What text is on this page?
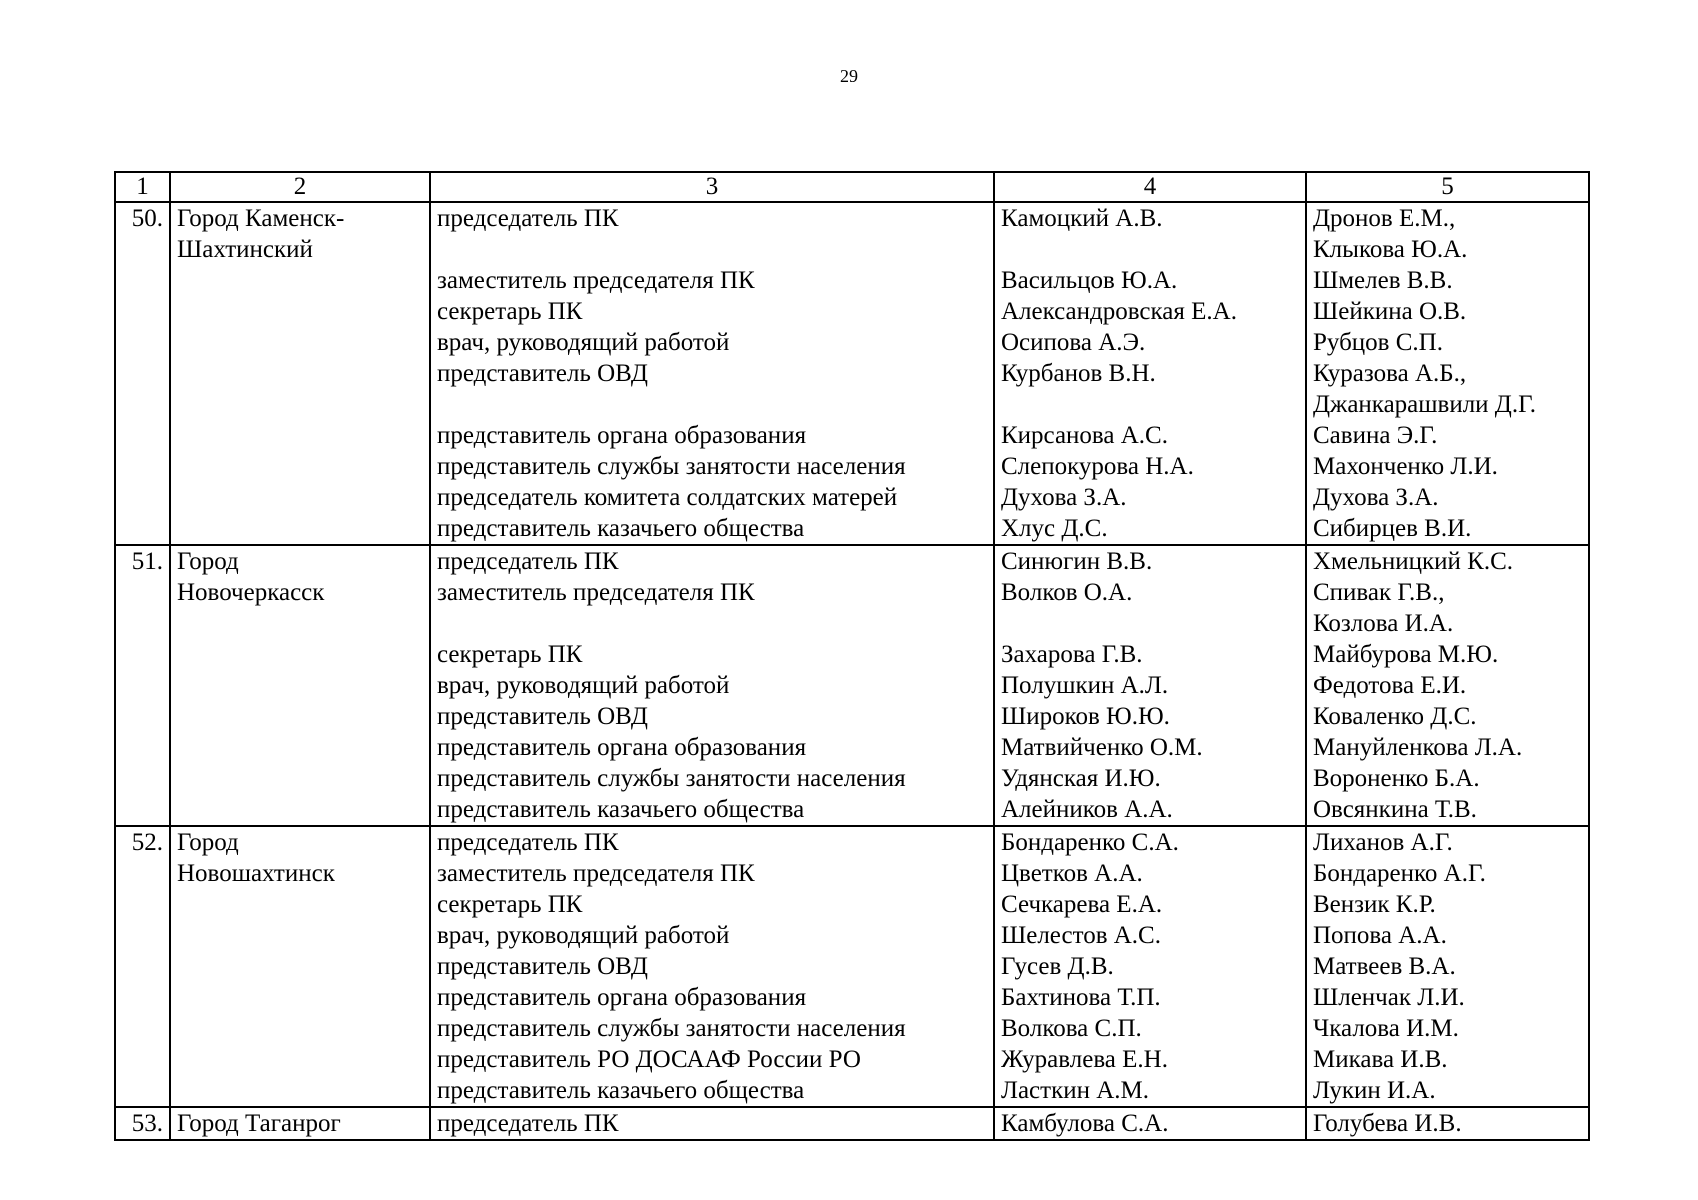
29
1	2	3	4	5
50.	Город Каменск-	председатель ПК	Камоцкий А.В.	Дронов Е.М.,
	Шахтинский			Клыкова Ю.А.
		заместитель председателя ПК	Васильцов Ю.А.	Шмелев В.В.
		секретарь ПК	Александровская Е.А.	Шейкина О.В.
		врач, руководящий работой	Осипова А.Э.	Рубцов С.П.
		представитель ОВД	Курбанов В.Н.	Куразова А.Б.,
				Джанкарашвили Д.Г.
		представитель органа образования	Кирсанова А.С.	Савина Э.Г.
		представитель службы занятости населения	Слепокурова Н.А.	Махонченко Л.И.
		председатель комитета солдатских матерей	Духова З.А.	Духова З.А.
		представитель казачьего общества	Хлус Д.С.	Сибирцев В.И.
51.	Город	председатель ПК	Синюгин В.В.	Хмельницкий К.С.
	Новочеркасск	заместитель председателя ПК	Волков О.А.	Спивак Г.В.,
				Козлова И.А.
		секретарь ПК	Захарова Г.В.	Майбурова М.Ю.
		врач, руководящий работой	Полушкин А.Л.	Федотова Е.И.
		представитель ОВД	Широков Ю.Ю.	Коваленко Д.С.
		представитель органа образования	Матвийченко О.М.	Мануйленкова Л.А.
		представитель службы занятости населения	Удянская И.Ю.	Вороненко Б.А.
		представитель казачьего общества	Алейников А.А.	Овсянкина Т.В.
52.	Город	председатель ПК	Бондаренко С.А.	Лиханов А.Г.
	Новошахтинск	заместитель председателя ПК	Цветков А.А.	Бондаренко А.Г.
		секретарь ПК	Сечкарева Е.А.	Вензик К.Р.
		врач, руководящий работой	Шелестов А.С.	Попова А.А.
		представитель ОВД	Гусев Д.В.	Матвеев В.А.
		представитель органа образования	Бахтинова Т.П.	Шленчак Л.И.
		представитель службы занятости населения	Волкова С.П.	Чкалова И.М.
		представитель РО ДОСААФ России РО	Журавлева Е.Н.	Микава И.В.
		представитель казачьего общества	Ласткин А.М.	Лукин И.А.
53.	Город Таганрог	председатель ПК	Камбулова С.А.	Голубева И.В.
